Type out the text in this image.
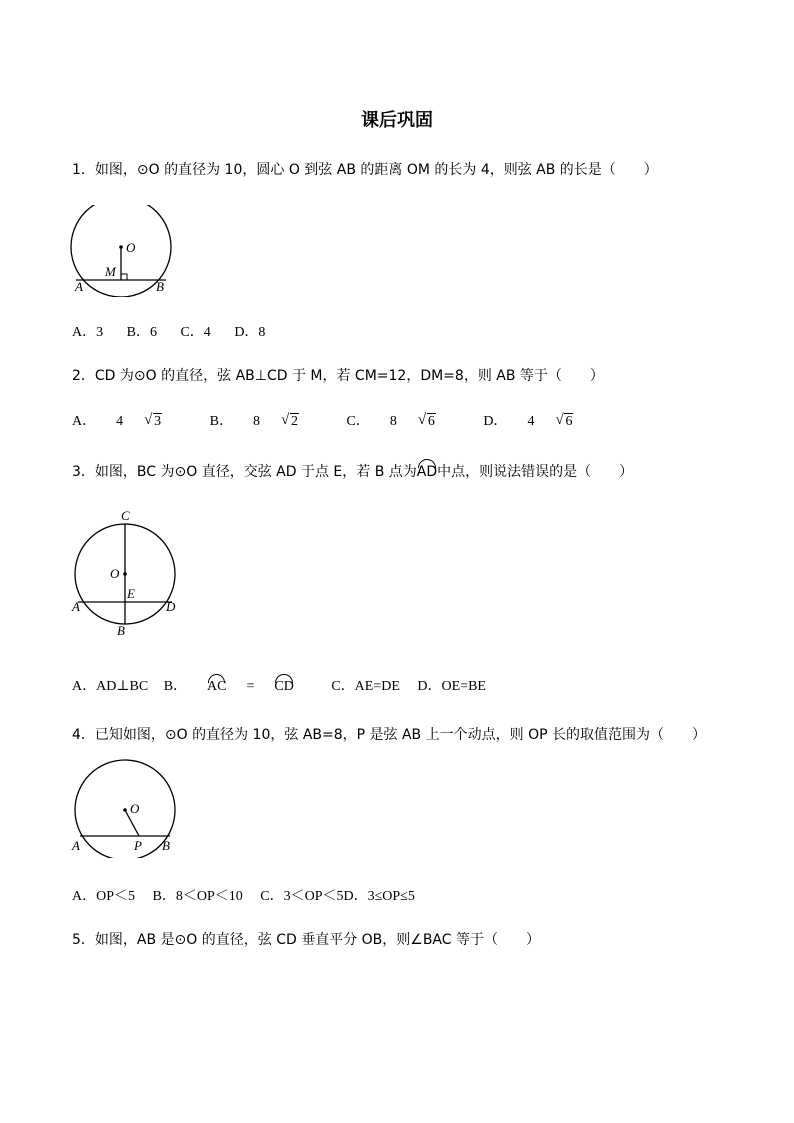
课后巩固
1．如图，⊙O 的直径为 10，圆心 O 到弦 AB 的距离 OM 的长为 4，则弦 AB 的长是（　　）
O
M
A	B
A．3 B．6 C．4 D．8
2．CD 为⊙O 的直径，弦 AB⊥CD 于 M，若 CM=12，DM=8，则 AB 等于（　　）
A． 4 √ 3	B． 8 √ 2	C． 8 √ 6	D． 4 √ 6
3．如图，BC 为⊙O 直径，交弦 AD 于点 E，若 B 点为AD中点，则说法错误的是（　　）
C
O
E
A	D
B
A．AD⊥BC B． AC = CD	C．AE=DE D．OE=BE
4．已知如图，⊙O 的直径为 10，弦 AB=8，P 是弦 AB 上一个动点，则 OP 长的取值范围为（　　）
O
A	P B
A．OP＜5 B．8＜OP＜10 C．3＜OP＜5D．3≤OP≤5
5．如图，AB 是⊙O 的直径，弦 CD 垂直平分 OB，则∠BAC 等于（　　）
